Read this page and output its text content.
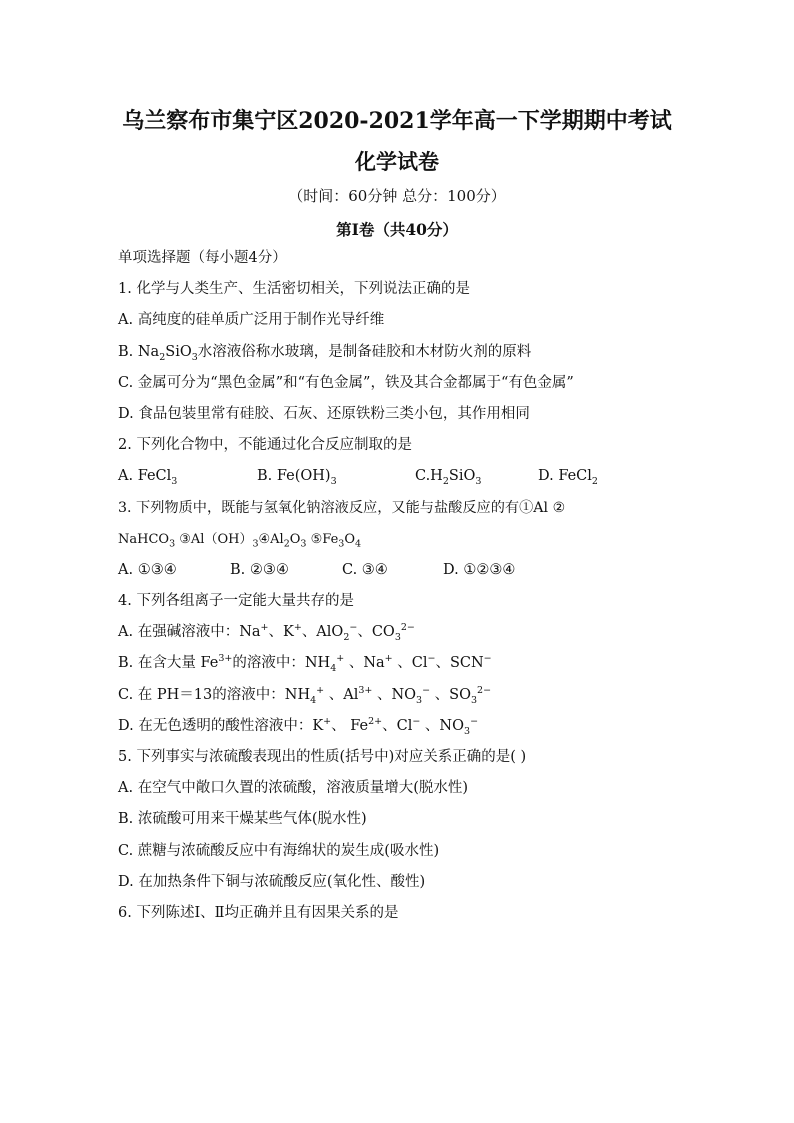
乌兰察布市集宁区2020-2021学年高一下学期期中考试
化学试卷
（时间：60分钟 总分：100分）
第Ⅰ卷（共40分）
单项选择题（每小题4分）
1. 化学与人类生产、生活密切相关，下列说法正确的是
A. 高纯度的硅单质广泛用于制作光导纤维
B. $Na_2SiO_3$水溶液俗称水玻璃，是制备硅胶和木材防火剂的原料
C. 金属可分为“黑色金属”和“有色金属”，铁及其合金都属于“有色金属”
D. 食品包装里常有硅胶、石灰、还原铁粉三类小包，其作用相同
2. 下列化合物中，不能通过化合反应制取的是
A. FeCl$_3$	B. $Fe(OH)_3$	$C.H_2SiO_3$	D. FeCl$_2$
3. 下列物质中，既能与氢氧化钠溶液反应，又能与盐酸反应的有①Al ②
NaHCO$_3$ $③Al(OH)_3④Al_2O_3$ $⑤Fe_3O_4$
A. ①③④	B. ②③④	C. ③④	D. ①②③④
4. 下列各组离子一定能大量共存的是
A. 在强碱溶液中：Na+、K+、AlO$_2$−、$CO_3^{2-}$
B. 在含大量 $Fe^{3+}$的溶液中：$NH_4^+$ 、Na+ 、Cl−、SCN−
C. 在 PH＝13的溶液中：$NH_4^+$ 、$Al^{3+}$ 、$NO_3^-$ 、$SO_3^{2-}$
D. 在无色透明的酸性溶液中：K+、 $Fe^{2+}$、Cl− 、$NO_3^-$
5. 下列事实与浓硫酸表现出的性质(括号中)对应关系正确的是( )
A. 在空气中敞口久置的浓硫酸，溶液质量增大(脱水性)
B. 浓硫酸可用来干燥某些气体(脱水性)
C. 蔗糖与浓硫酸反应中有海绵状的炭生成(吸水性)
D. 在加热条件下铜与浓硫酸反应(氧化性、酸性)
6. 下列陈述Ⅰ、Ⅱ均正确并且有因果关系的是
